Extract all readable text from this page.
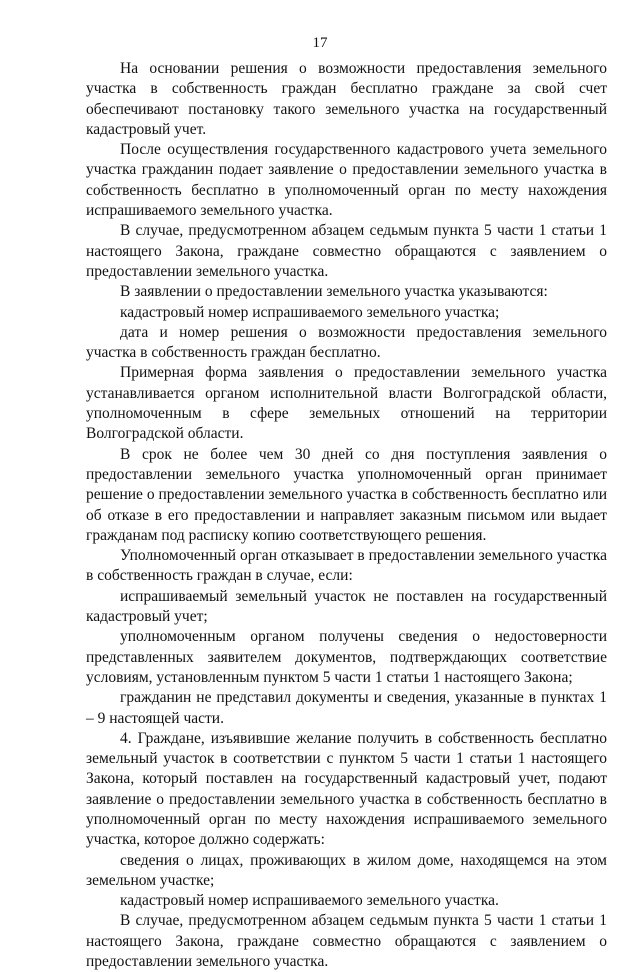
17

На основании решения о возможности предоставления земельного участка в собственность граждан бесплатно граждане за свой счет обеспечивают постановку такого земельного участка на государственный кадастровый учет.

После осуществления государственного кадастрового учета земельного участка гражданин подает заявление о предоставлении земельного участка в собственность бесплатно в уполномоченный орган по месту нахождения испрашиваемого земельного участка.

В случае, предусмотренном абзацем седьмым пункта 5 части 1 статьи 1 настоящего Закона, граждане совместно обращаются с заявлением о предоставлении земельного участка.

В заявлении о предоставлении земельного участка указываются:

кадастровый номер испрашиваемого земельного участка;

дата и номер решения о возможности предоставления земельного участка в собственность граждан бесплатно.

Примерная форма заявления о предоставлении земельного участка устанавливается органом исполнительной власти Волгоградской области, уполномоченным в сфере земельных отношений на территории Волгоградской области.

В срок не более чем 30 дней со дня поступления заявления о предоставлении земельного участка уполномоченный орган принимает решение о предоставлении земельного участка в собственность бесплатно или об отказе в его предоставлении и направляет заказным письмом или выдает гражданам под расписку копию соответствующего решения.

Уполномоченный орган отказывает в предоставлении земельного участка в собственность граждан в случае, если:

испрашиваемый земельный участок не поставлен на государственный кадастровый учет;

уполномоченным органом получены сведения о недостоверности представленных заявителем документов, подтверждающих соответствие условиям, установленным пунктом 5 части 1 статьи 1 настоящего Закона;

гражданин не представил документы и сведения, указанные в пунктах 1 – 9 настоящей части.

4. Граждане, изъявившие желание получить в собственность бесплатно земельный участок в соответствии с пунктом 5 части 1 статьи 1 настоящего Закона, который поставлен на государственный кадастровый учет, подают заявление о предоставлении земельного участка в собственность бесплатно в уполномоченный орган по месту нахождения испрашиваемого земельного участка, которое должно содержать:

сведения о лицах, проживающих в жилом доме, находящемся на этом земельном участке;

кадастровый номер испрашиваемого земельного участка.

В случае, предусмотренном абзацем седьмым пункта 5 части 1 статьи 1 настоящего Закона, граждане совместно обращаются с заявлением о предоставлении земельного участка.
